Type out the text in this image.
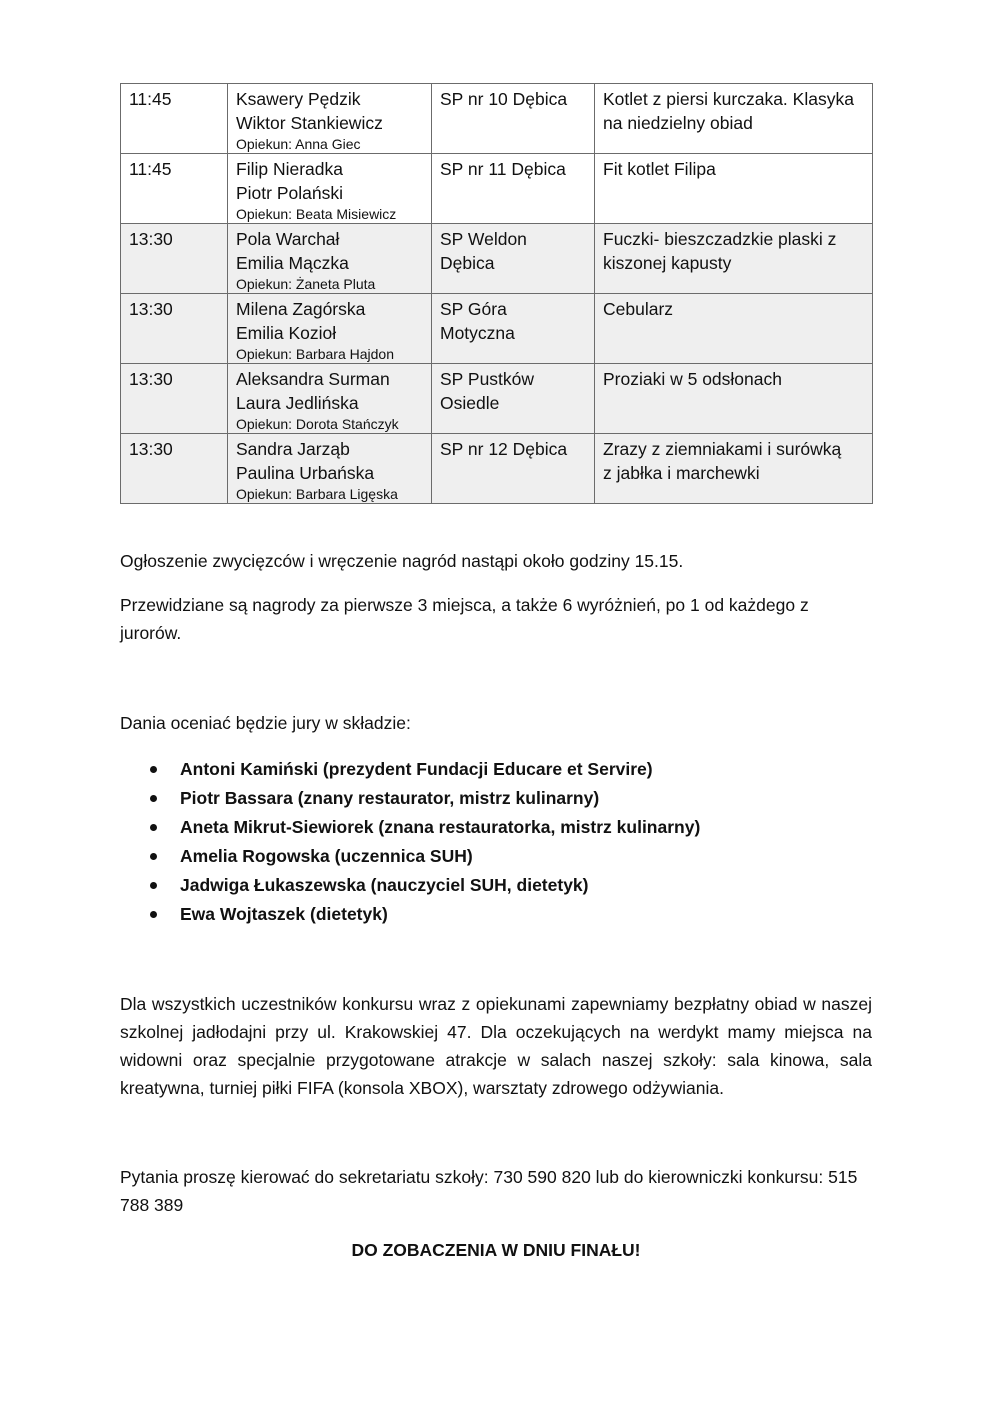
11:45	Ksawery Pędzik
Wiktor Stankiewicz
Opiekun: Anna Giec	SP nr 10 Dębica	Kotlet z piersi kurczaka. Klasyka
na niedzielny obiad

11:45	Filip Nieradka
Piotr Polański
Opiekun: Beata Misiewicz	SP nr 11 Dębica	Fit kotlet Filipa

13:30	Pola Warchał
Emilia Mączka
Opiekun: Żaneta Pluta	SP Weldon
Dębica	Fuczki- bieszczadzkie plaski z
kiszonej kapusty

13:30	Milena Zagórska
Emilia Kozioł
Opiekun: Barbara Hajdon	SP Góra
Motyczna	Cebularz

13:30	Aleksandra Surman
Laura Jedlińska
Opiekun: Dorota Stańczyk	SP Pustków
Osiedle	Proziaki w 5 odsłonach

13:30	Sandra Jarząb
Paulina Urbańska
Opiekun: Barbara Ligęska	SP nr 12 Dębica	Zrazy z ziemniakami i surówką
z jabłka i marchewki

Ogłoszenie zwycięzców i wręczenie nagród nastąpi około godziny 15.15.

Przewidziane są nagrody za pierwsze 3 miejsca, a także 6 wyróżnień, po 1 od każdego z jurorów.

Dania oceniać będzie jury w składzie:

Antoni Kamiński (prezydent Fundacji Educare et Servire)
Piotr Bassara (znany restaurator, mistrz kulinarny)
Aneta Mikrut-Siewiorek (znana restauratorka, mistrz kulinarny)
Amelia Rogowska (uczennica SUH)
Jadwiga Łukaszewska (nauczyciel SUH, dietetyk)
Ewa Wojtaszek (dietetyk)

Dla wszystkich uczestników konkursu wraz z opiekunami zapewniamy bezpłatny obiad w naszej szkolnej jadłodajni przy ul. Krakowskiej 47. Dla oczekujących na werdykt mamy miejsca na widowni oraz specjalnie przygotowane atrakcje w salach naszej szkoły: sala kinowa, sala kreatywna, turniej piłki FIFA (konsola XBOX), warsztaty zdrowego odżywiania.

Pytania proszę kierować do sekretariatu szkoły: 730 590 820 lub do kierowniczki konkursu: 515 788 389

DO ZOBACZENIA W DNIU FINAŁU!
